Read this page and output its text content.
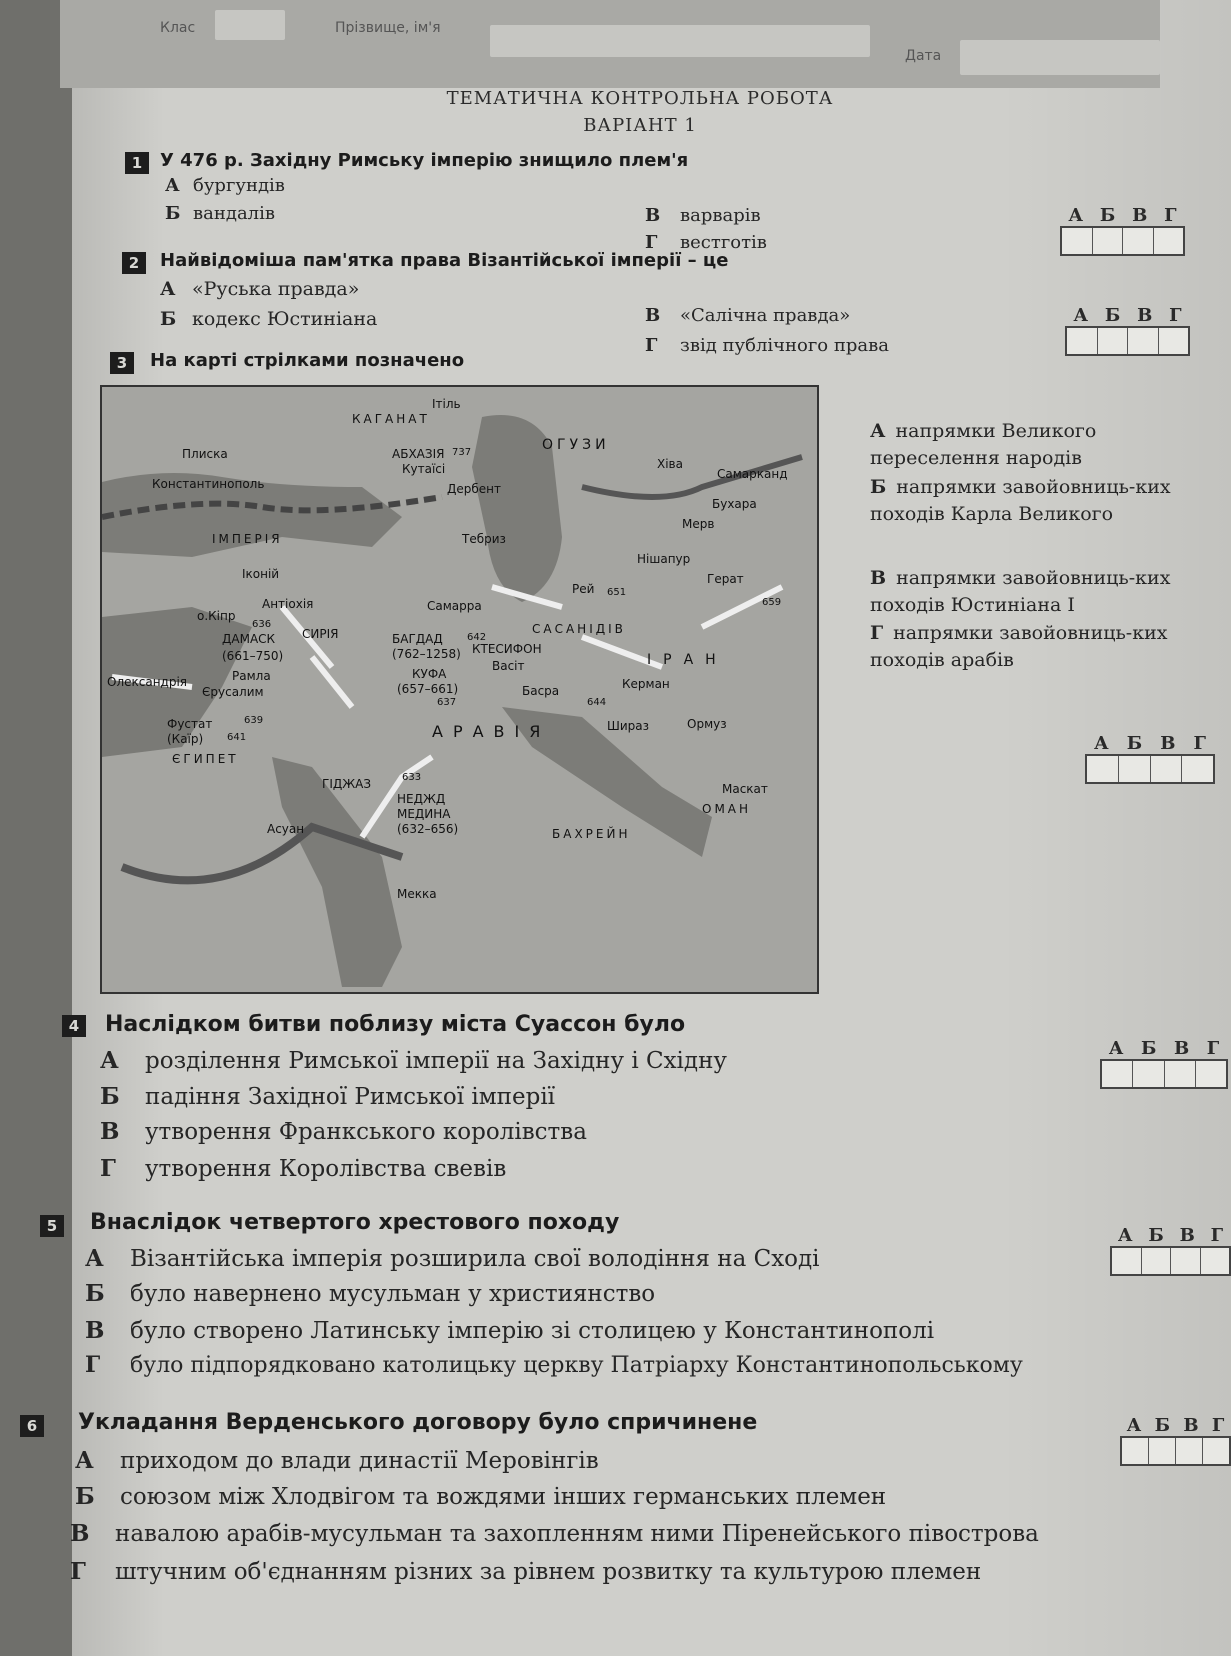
Клас	Прізвище, ім'я
Дата
ТЕМАТИЧНА КОНТРОЛЬНА РОБОТА
ВАРІАНТ 1
1 У 476 р. Західну Римську імперію знищило плем'я
А бургундів
Б вандалів	В варварів
Г вестготів
А Б В Г
2	Найвідоміша пам'ятка права Візантійської імперії – це
А «Руська правда»
Б кодекс Юстиніана	В «Салічна правда»
Г звід публічного права
А Б В Г
3	На карті стрілками позначено
КАГАНАТ
Ітіль
ОГУЗИ
Хіва
Самарканд
Бухара
Мерв
АБХАЗІЯ
Кутаїсі
Дербент
Плиска
Константинополь
ІМПЕРІЯ
Іконій
Тебриз
Нішапур
Рей
Герат
Антіохія	Самарра
о.Кіпр
ДАМАСК
(661–750)
Рамла
Єрусалим
Олександрія
БАГДАД
(762–1258) КТЕСИФОН
Васіт
КУФА
(657–661)	Басра	Керман
Шираз	Ормуз
Фустат
(Каїр)
ЄГИПЕТ
НЕДЖД
МЕДИНА
(632–656)
Маскат
Асуан
Мекка
БАХРЕЙН
ОМАН
ІРАН
САСАНІДІВ
АРАВІЯ
СИРІЯ
ГІДЖАЗ
636
637
639
641
642
644
651
659
633
737
А напрямки Великого переселення народів
Б напрямки завойовниць-ких походів Карла Великого
В напрямки завойовниць-ких походів Юстиніана І
Г напрямки завойовниць-ких походів арабів
А Б В Г
4	Наслідком битви поблизу міста Суассон було
А розділення Римської імперії на Західну і Східну
Б падіння Західної Римської імперії
В утворення Франкського королівства
Г утворення Королівства свевів
А Б В Г
5	Внаслідок четвертого хрестового походу
А Візантійська імперія розширила свої володіння на Сході
Б було навернено мусульман у християнство
В було створено Латинську імперію зі столицею у Константинополі
Г було підпорядковано католицьку церкву Патріарху Константинопольському
А Б В Г
6	Укладання Верденського договору було спричинене
А приходом до влади династії Меровінгів
Б союзом між Хлодвігом та вождями інших германських племен
В навалою арабів-мусульман та захопленням ними Піренейського півострова
Г штучним об'єднанням різних за рівнем розвитку та культурою племен
А Б В Г
